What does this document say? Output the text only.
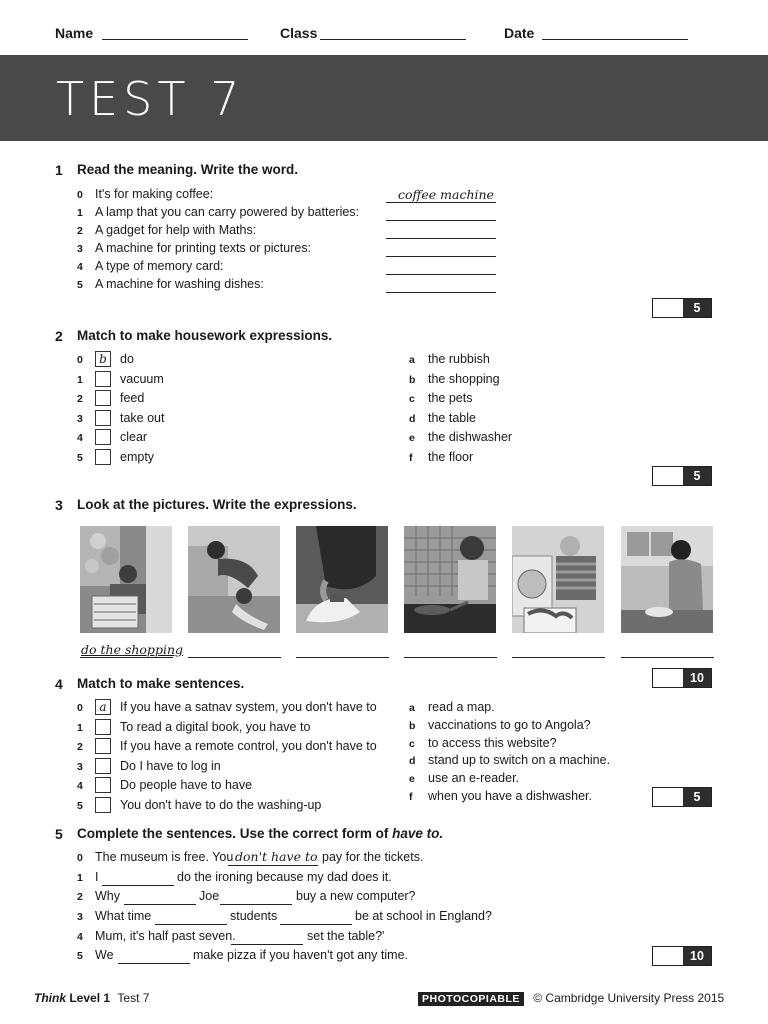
Name	Class	Date
TEST 7
1 Read the meaning. Write the word.
0 It's for making coffee:	coffee machine
1 A lamp that you can carry powered by batteries:
2 A gadget for help with Maths:
3 A machine for printing texts or pictures:
4 A type of memory card:
5 A machine for washing dishes:
5
2 Match to make housework expressions.
0	b	do
1	vacuum
2	feed
3	take out
4	clear
5	empty
a	the rubbish
b	the shopping
c	the pets
d	the table
e	the dishwasher
f	the floor
5
3 Look at the pictures. Write the expressions.
do the shopping
10
4 Match to make sentences.
0	a	If you have a satnav system, you don't have to
1	To read a digital book, you have to
2	If you have a remote control, you don't have to
3	Do I have to log in
4	Do people have to have
5	You don't have to do the washing-up
a	read a map.
b	vaccinations to go to Angola?
c	to access this website?
d	stand up to switch on a machine.
e	use an e-reader.
f	when you have a dishwasher.	5
5 Complete the sentences. Use the correct form of have to.
0 The museum is free. You don't have to pay for the tickets.
1 I	do the ironing because my dad does it.
2 Why	Joe	buy a new computer?
3 What time	students	be at school in England?
4 Mum, it's half past seven.	set the table?'
5 We	make pizza if you haven't got any time.	10
Think Level 1 Test 7	PHOTOCOPIABLE © Cambridge University Press 2015
